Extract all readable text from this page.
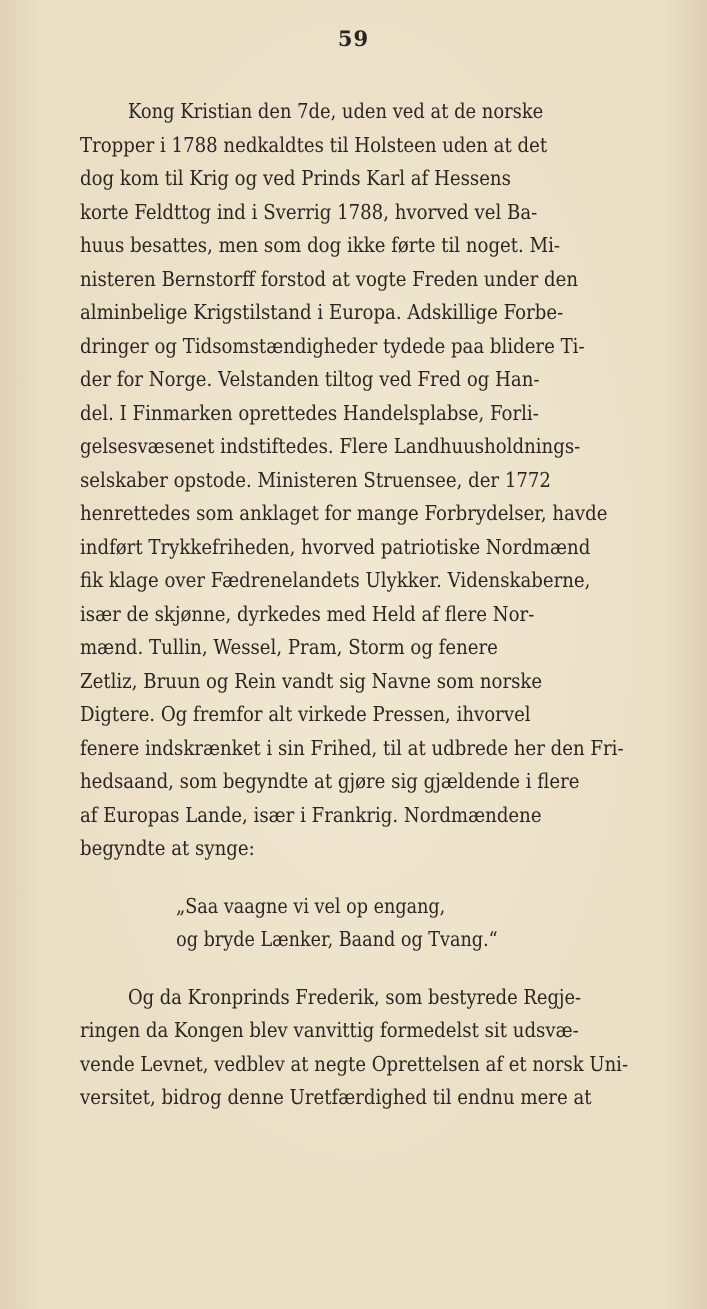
59
Kong Kristian den 7de, uden ved at de norske
Tropper i 1788 nedkaldtes til Holsteen uden at det
dog kom til Krig og ved Prinds Karl af Hessens
korte Feldttog ind i Sverrig 1788, hvorved vel Ba-
huus besattes, men som dog ikke førte til noget. Mi-
nisteren Bernstorff forstod at vogte Freden under den
alminbelige Krigstilstand i Europa. Adskillige Forbe-
dringer og Tidsomstændigheder tydede paa blidere Ti-
der for Norge. Velstanden tiltog ved Fred og Han-
del. I Finmarken oprettedes Handelsplabse, Forli-
gelsesvæsenet indstiftedes. Flere Landhuusholdnings-
selskaber opstode. Ministeren Struensee, der 1772
henrettedes som anklaget for mange Forbrydelser, havde
indført Trykkefriheden, hvorved patriotiske Nordmænd
fik klage over Fædrenelandets Ulykker. Videnskaberne,
især de skjønne, dyrkedes med Held af flere Nor-
mænd. Tullin, Wessel, Pram, Storm og fenere
Zetliz, Bruun og Rein vandt sig Navne som norske
Digtere. Og fremfor alt virkede Pressen, ihvorvel
fenere indskrænket i sin Frihed, til at udbrede her den Fri-
hedsaand, som begyndte at gjøre sig gjældende i flere
af Europas Lande, især i Frankrig. Nordmændene
begyndte at synge:
„Saa vaagne vi vel op engang,
og bryde Lænker, Baand og Tvang.“
Og da Kronprinds Frederik, som bestyrede Regje-
ringen da Kongen blev vanvittig formedelst sit udsvæ-
vende Levnet, vedblev at negte Oprettelsen af et norsk Uni-
versitet, bidrog denne Uretfærdighed til endnu mere at
